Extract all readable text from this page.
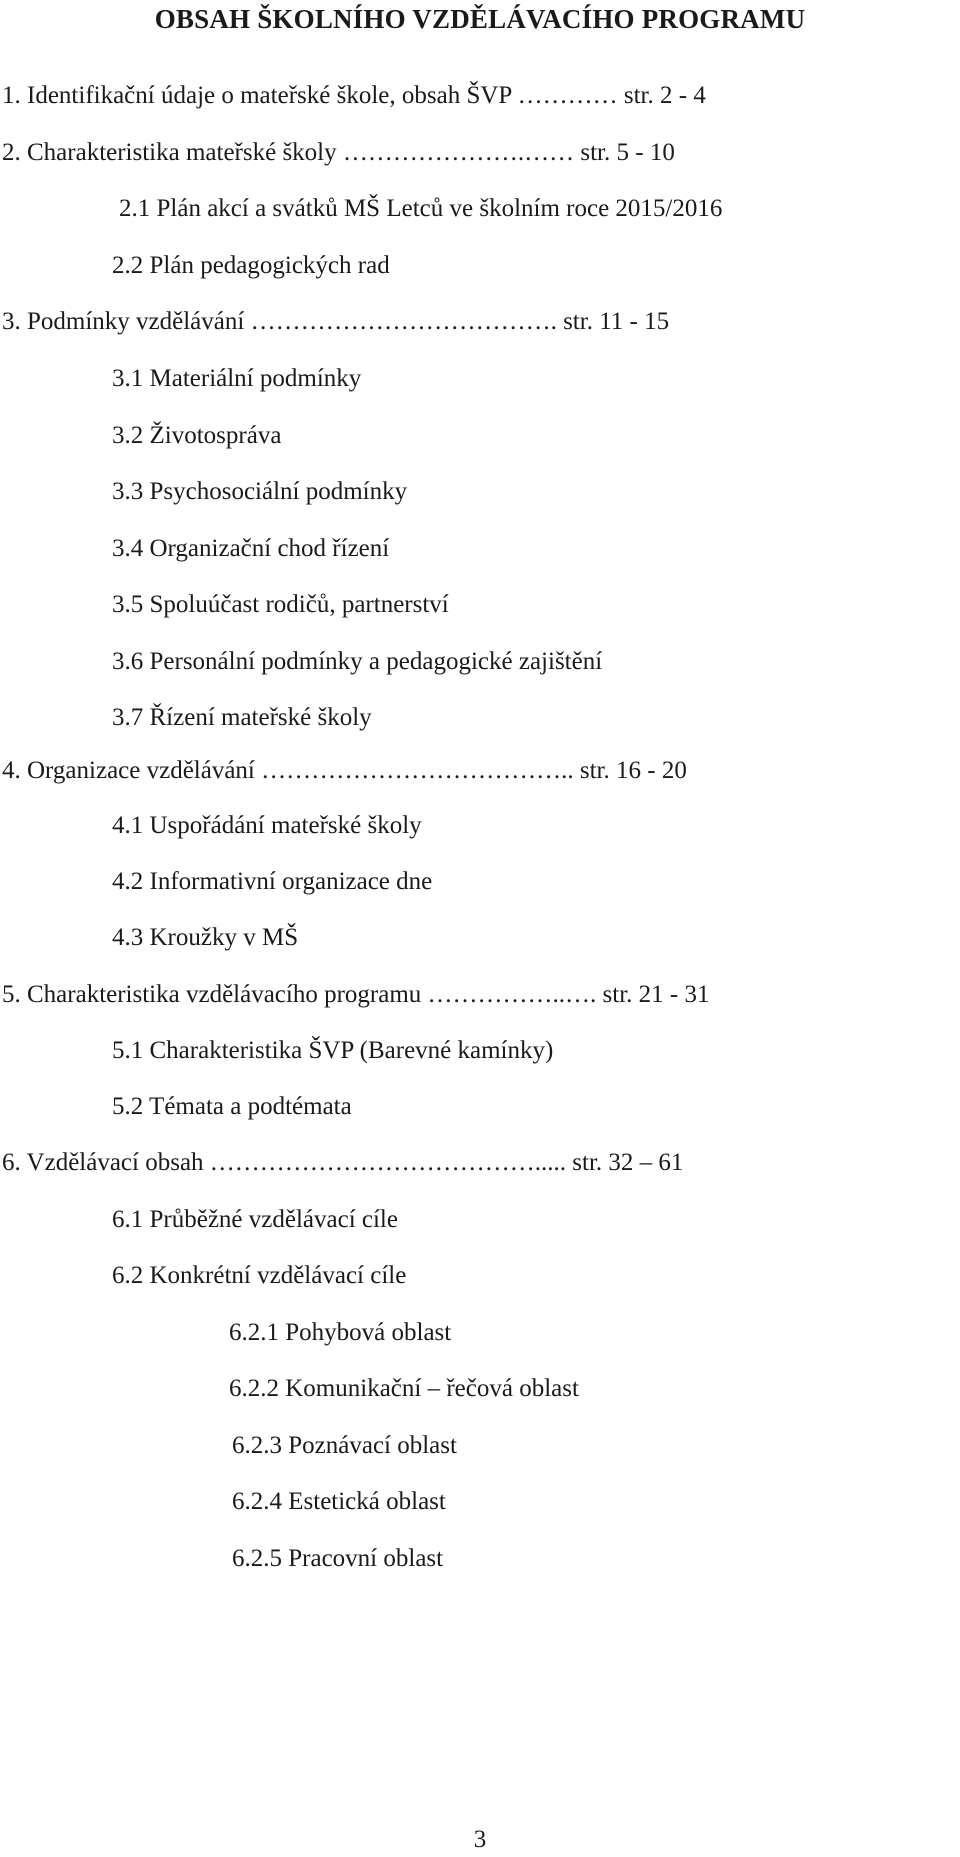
OBSAH ŠKOLNÍHO VZDĚLÁVACÍHO PROGRAMU
1. Identifikační údaje o mateřské škole, obsah ŠVP ………… str. 2 - 4
2. Charakteristika mateřské školy ………………….…… str. 5 - 10
2.1 Plán akcí a svátků MŠ Letců ve školním roce 2015/2016
2.2 Plán pedagogických rad
3. Podmínky vzdělávání ………………………………. str. 11 - 15
3.1 Materiální podmínky
3.2 Životospráva
3.3 Psychosociální podmínky
3.4 Organizační chod řízení
3.5 Spoluúčast rodičů, partnerství
3.6 Personální podmínky a pedagogické zajištění
3.7 Řízení mateřské školy
4. Organizace vzdělávání ……………………………….. str. 16 - 20
4.1 Uspořádání mateřské školy
4.2 Informativní organizace dne
4.3 Kroužky v MŠ
5. Charakteristika vzdělávacího programu ……………..…. str. 21 - 31
5.1 Charakteristika ŠVP (Barevné kamínky)
5.2 Témata a podtémata
6. Vzdělávací obsah …………………………………..... str. 32 – 61
6.1 Průběžné vzdělávací cíle
6.2 Konkrétní vzdělávací cíle
6.2.1 Pohybová oblast
6.2.2 Komunikační – řečová oblast
6.2.3 Poznávací oblast
6.2.4 Estetická oblast
6.2.5 Pracovní oblast
3
